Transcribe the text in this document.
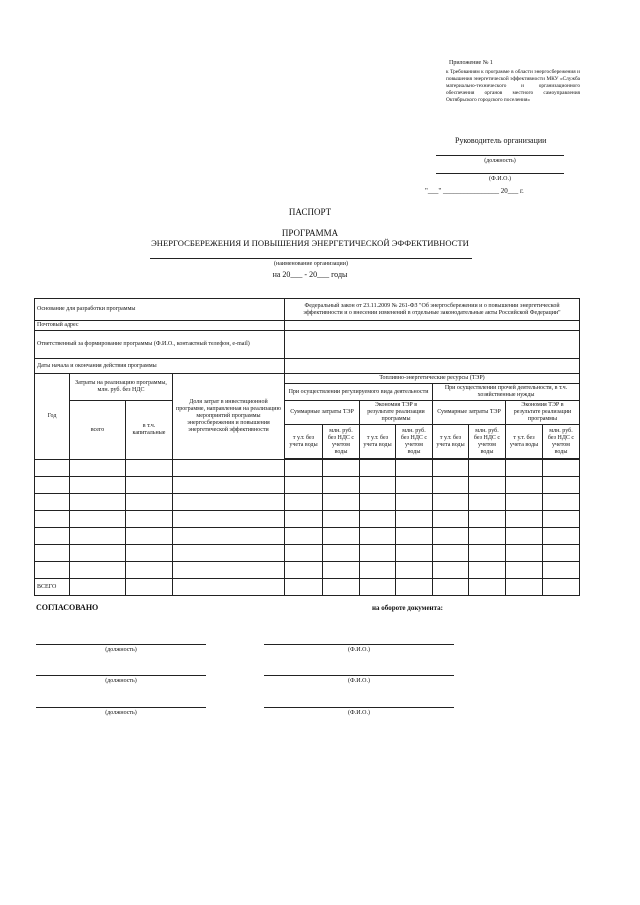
Приложение № 1
к Требованиям к программе в области энергосбережения и повышения энергетической эффективности МКУ «Служба материально-технического и организационного обеспечения органов местного самоуправления Октябрьского городского поселения»
Руководитель организации
(должность)
(Ф.И.О.)
"___" ________________ 20___ г.
ПАСПОРТ
ПРОГРАММА
ЭНЕРГОСБЕРЕЖЕНИЯ И ПОВЫШЕНИЯ ЭНЕРГЕТИЧЕСКОЙ ЭФФЕКТИВНОСТИ
(наименование организации)
на 20___ - 20___ годы
Основание для разработки программы				Федеральный закон от 23.11.2009 № 261-ФЗ "Об энергосбережении и о повышении энергетической эффективности и о внесении изменений в отдельные законодательные акты Российской Федерации"							
Почтовый адрес											
Ответственный за формирование программы (Ф.И.О., контактный телефон, e-mail)											
Даты начала и окончания действия программы											
Год	Затраты на реализацию программы, млн. руб. без НДС		Доля затрат в инвестиционной программе, направленная на реализацию мероприятий программы энергосбережения и повышения энергетической эффективности	Топливно-энергетические ресурсы (ТЭР)							
				При осуществлении регулируемого вида деятельности				При осуществлении прочей деятельности, в т.ч. хозяйственные нужды			
	всего	в т.ч. капитальные		Суммарные затраты ТЭР		Экономия ТЭР в результате реализации программы		Суммарные затраты ТЭР		Экономия ТЭР в результате реализации программы	
				т у.т. без учета воды	млн. руб. без НДС с учетом воды	т у.т. без учета воды	млн. руб. без НДС с учетом воды	т у.т. без учета воды	млн. руб. без НДС с учетом воды	т у.т. без учета воды	млн. руб. без НДС с учетом воды

ВСЕГО											
СОГЛАСОВАНО	на обороте документа:
(должность)	(Ф.И.О.)
(должность)	(Ф.И.О.)
(должность)	(Ф.И.О.)
